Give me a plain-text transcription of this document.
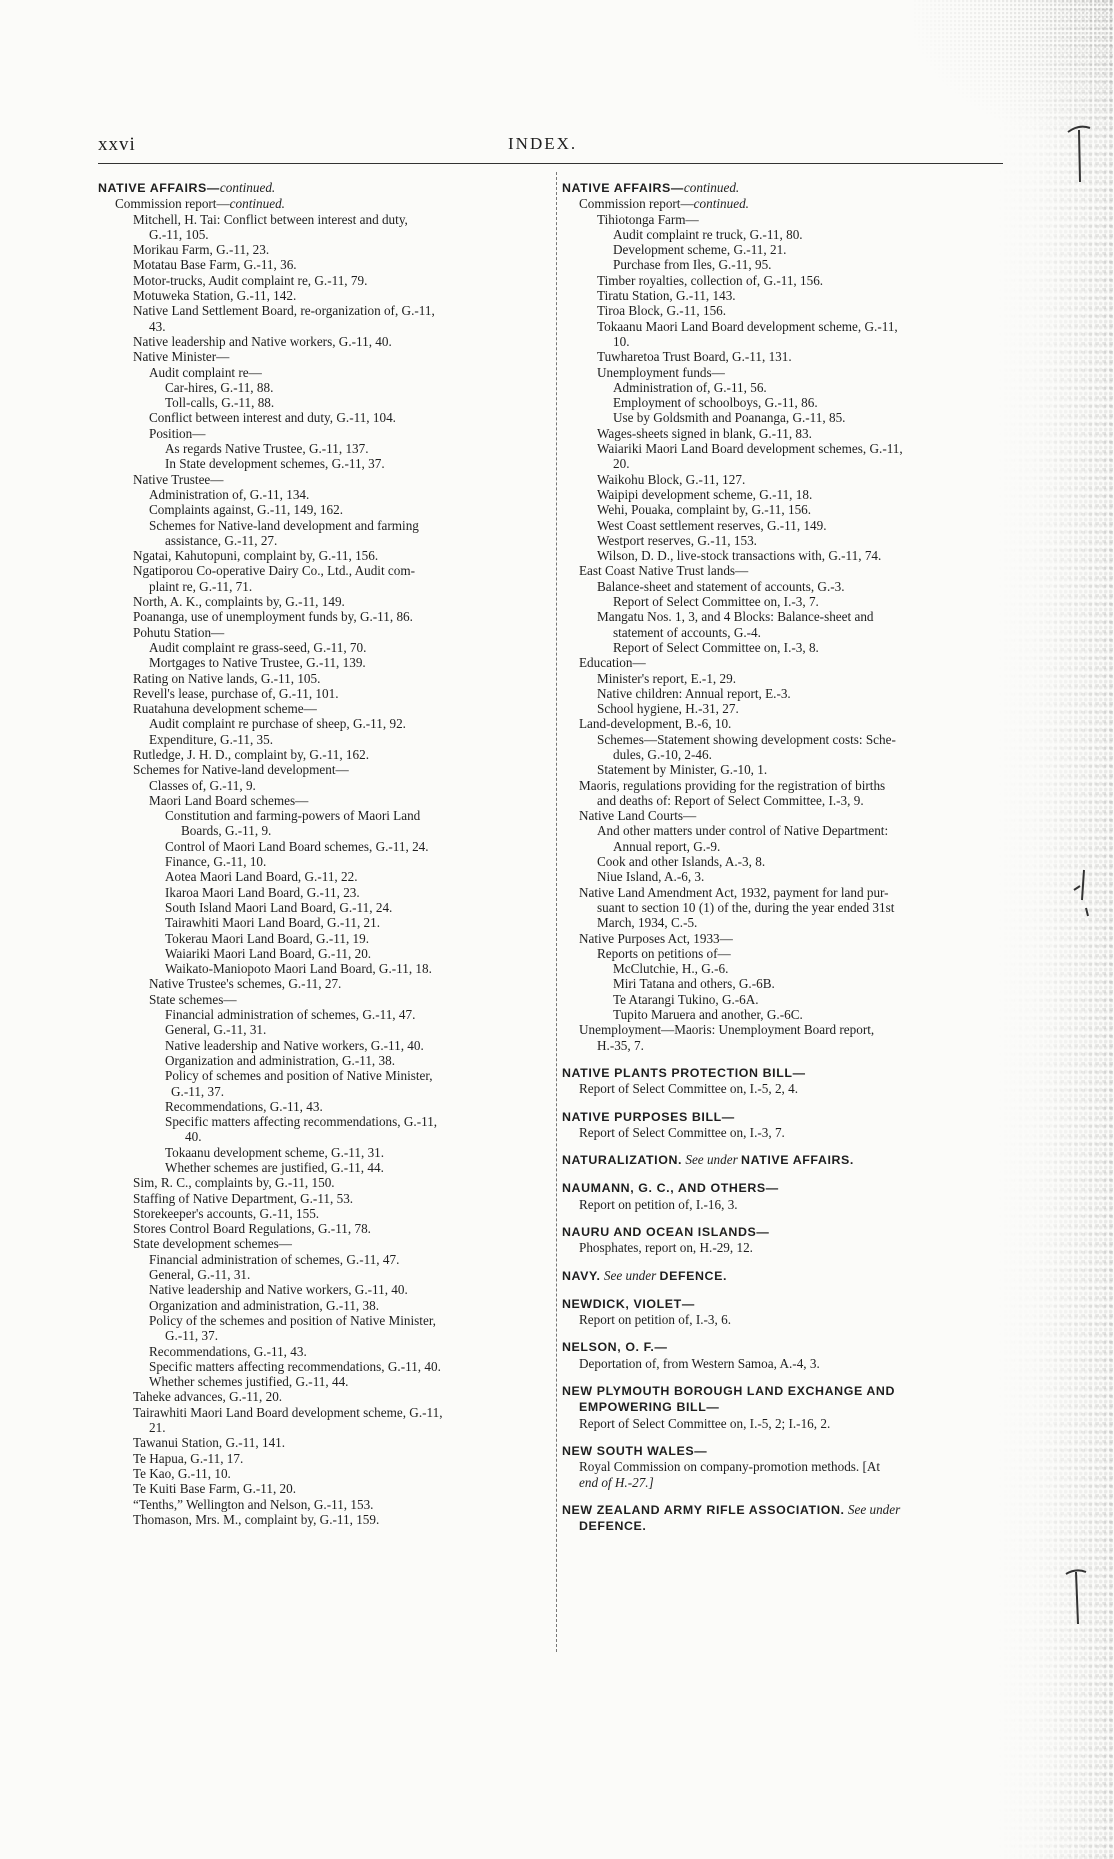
xxvi	INDEX.
NATIVE AFFAIRS—continued.
Commission report—continued.
Mitchell, H. Tai: Conflict between interest and duty,
G.-11, 105.
Morikau Farm, G.-11, 23.
Motatau Base Farm, G.-11, 36.
Motor-trucks, Audit complaint re, G.-11, 79.
Motuweka Station, G.-11, 142.
Native Land Settlement Board, re-organization of, G.-11,
43.
Native leadership and Native workers, G.-11, 40.
Native Minister—
Audit complaint re—
Car-hires, G.-11, 88.
Toll-calls, G.-11, 88.
Conflict between interest and duty, G.-11, 104.
Position—
As regards Native Trustee, G.-11, 137.
In State development schemes, G.-11, 37.
Native Trustee—
Administration of, G.-11, 134.
Complaints against, G.-11, 149, 162.
Schemes for Native-land development and farming
assistance, G.-11, 27.
Ngatai, Kahutopuni, complaint by, G.-11, 156.
Ngatiporou Co-operative Dairy Co., Ltd., Audit com-
plaint re, G.-11, 71.
North, A. K., complaints by, G.-11, 149.
Poananga, use of unemployment funds by, G.-11, 86.
Pohutu Station—
Audit complaint re grass-seed, G.-11, 70.
Mortgages to Native Trustee, G.-11, 139.
Rating on Native lands, G.-11, 105.
Revell's lease, purchase of, G.-11, 101.
Ruatahuna development scheme—
Audit complaint re purchase of sheep, G.-11, 92.
Expenditure, G.-11, 35.
Rutledge, J. H. D., complaint by, G.-11, 162.
Schemes for Native-land development—
Classes of, G.-11, 9.
Maori Land Board schemes—
Constitution and farming-powers of Maori Land
Boards, G.-11, 9.
Control of Maori Land Board schemes, G.-11, 24.
Finance, G.-11, 10.
Aotea Maori Land Board, G.-11, 22.
Ikaroa Maori Land Board, G.-11, 23.
South Island Maori Land Board, G.-11, 24.
Tairawhiti Maori Land Board, G.-11, 21.
Tokerau Maori Land Board, G.-11, 19.
Waiariki Maori Land Board, G.-11, 20.
Waikato-Maniopoto Maori Land Board, G.-11, 18.
Native Trustee's schemes, G.-11, 27.
State schemes—
Financial administration of schemes, G.-11, 47.
General, G.-11, 31.
Native leadership and Native workers, G.-11, 40.
Organization and administration, G.-11, 38.
Policy of schemes and position of Native Minister,
G.-11, 37.
Recommendations, G.-11, 43.
Specific matters affecting recommendations, G.-11,
40.
Tokaanu development scheme, G.-11, 31.
Whether schemes are justified, G.-11, 44.
Sim, R. C., complaints by, G.-11, 150.
Staffing of Native Department, G.-11, 53.
Storekeeper's accounts, G.-11, 155.
Stores Control Board Regulations, G.-11, 78.
State development schemes—
Financial administration of schemes, G.-11, 47.
General, G.-11, 31.
Native leadership and Native workers, G.-11, 40.
Organization and administration, G.-11, 38.
Policy of the schemes and position of Native Minister,
G.-11, 37.
Recommendations, G.-11, 43.
Specific matters affecting recommendations, G.-11, 40.
Whether schemes justified, G.-11, 44.
Taheke advances, G.-11, 20.
Tairawhiti Maori Land Board development scheme, G.-11,
21.
Tawanui Station, G.-11, 141.
Te Hapua, G.-11, 17.
Te Kao, G.-11, 10.
Te Kuiti Base Farm, G.-11, 20.
“Tenths,” Wellington and Nelson, G.-11, 153.
Thomason, Mrs. M., complaint by, G.-11, 159.
NATIVE AFFAIRS—continued.
Commission report—continued.
Tihiotonga Farm—
Audit complaint re truck, G.-11, 80.
Development scheme, G.-11, 21.
Purchase from Iles, G.-11, 95.
Timber royalties, collection of, G.-11, 156.
Tiratu Station, G.-11, 143.
Tiroa Block, G.-11, 156.
Tokaanu Maori Land Board development scheme, G.-11,
10.
Tuwharetoa Trust Board, G.-11, 131.
Unemployment funds—
Administration of, G.-11, 56.
Employment of schoolboys, G.-11, 86.
Use by Goldsmith and Poananga, G.-11, 85.
Wages-sheets signed in blank, G.-11, 83.
Waiariki Maori Land Board development schemes, G.-11,
20.
Waikohu Block, G.-11, 127.
Waipipi development scheme, G.-11, 18.
Wehi, Pouaka, complaint by, G.-11, 156.
West Coast settlement reserves, G.-11, 149.
Westport reserves, G.-11, 153.
Wilson, D. D., live-stock transactions with, G.-11, 74.
East Coast Native Trust lands—
Balance-sheet and statement of accounts, G.-3.
Report of Select Committee on, I.-3, 7.
Mangatu Nos. 1, 3, and 4 Blocks: Balance-sheet and
statement of accounts, G.-4.
Report of Select Committee on, I.-3, 8.
Education—
Minister's report, E.-1, 29.
Native children: Annual report, E.-3.
School hygiene, H.-31, 27.
Land-development, B.-6, 10.
Schemes—Statement showing development costs: Sche-
dules, G.-10, 2-46.
Statement by Minister, G.-10, 1.
Maoris, regulations providing for the registration of births
and deaths of: Report of Select Committee, I.-3, 9.
Native Land Courts—
And other matters under control of Native Department:
Annual report, G.-9.
Cook and other Islands, A.-3, 8.
Niue Island, A.-6, 3.
Native Land Amendment Act, 1932, payment for land pur-
suant to section 10 (1) of the, during the year ended 31st
March, 1934, C.-5.
Native Purposes Act, 1933—
Reports on petitions of—
McClutchie, H., G.-6.
Miri Tatana and others, G.-6B.
Te Atarangi Tukino, G.-6A.
Tupito Maruera and another, G.-6C.
Unemployment—Maoris: Unemployment Board report,
H.-35, 7.
NATIVE PLANTS PROTECTION BILL—
Report of Select Committee on, I.-5, 2, 4.
NATIVE PURPOSES BILL—
Report of Select Committee on, I.-3, 7.
NATURALIZATION. See under NATIVE AFFAIRS.
NAUMANN, G. C., AND OTHERS—
Report on petition of, I.-16, 3.
NAURU AND OCEAN ISLANDS—
Phosphates, report on, H.-29, 12.
NAVY. See under DEFENCE.
NEWDICK, VIOLET—
Report on petition of, I.-3, 6.
NELSON, O. F.—
Deportation of, from Western Samoa, A.-4, 3.
NEW PLYMOUTH BOROUGH LAND EXCHANGE AND
EMPOWERING BILL—
Report of Select Committee on, I.-5, 2; I.-16, 2.
NEW SOUTH WALES—
Royal Commission on company-promotion methods. [At
end of H.-27.]
NEW ZEALAND ARMY RIFLE ASSOCIATION. See under
DEFENCE.
